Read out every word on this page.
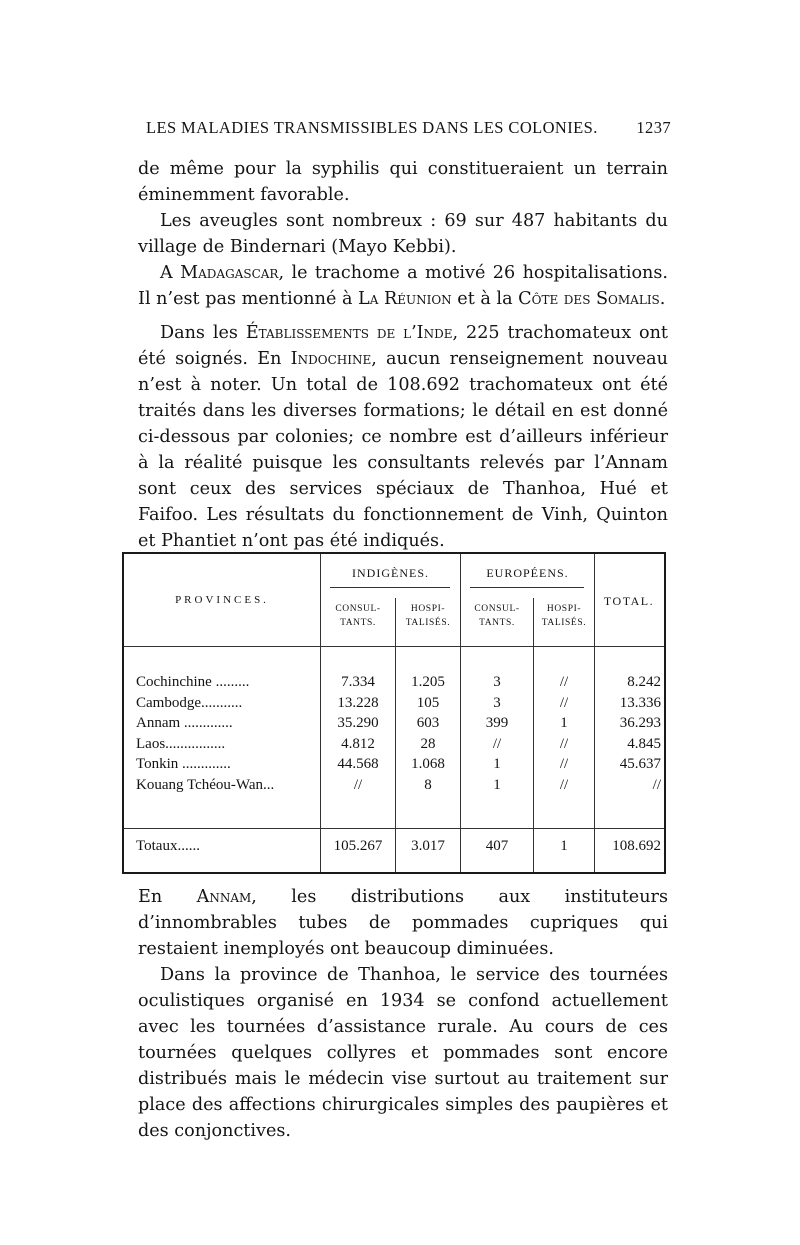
LES MALADIES TRANSMISSIBLES DANS LES COLONIES. 1237

de même pour la syphilis qui constitueraient un terrain éminemment favorable.

Les aveugles sont nombreux : 69 sur 487 habitants du village de Bindernari (Mayo Kebbi).

A Madagascar, le trachome a motivé 26 hospitalisations. Il n’est pas mentionné à La Réunion et à la Côte des Somalis.

Dans les Établissements de l’Inde, 225 trachomateux ont été soignés. En Indochine, aucun renseignement nouveau n’est à noter. Un total de 108.692 trachomateux ont été traités dans les diverses formations; le détail en est donné ci-dessous par colonies; ce nombre est d’ailleurs inférieur à la réalité puisque les consultants relevés par l’Annam sont ceux des services spéciaux de Thanhoa, Hué et Faifoo. Les résultats du fonctionnement de Vinh, Quinton et Phantiet n’ont pas été indiqués.

PROVINCES.
INDIGÈNES.	EUROPÉENS.
TOTAL.
CONSUL-
TANTS.
HOSPI-
TALISÉS.
CONSUL-
TANTS.
HOSPI-
TALISÉS.
Cochinchine .........	7.334	1.205	3	//	8.242
Cambodge...........	13.228	105	3	//	13.336
Annam .............	35.290	603	399	1	36.293
Laos................	4.812	28	//	//	4.845
Tonkin .............	44.568	1.068	1	//	45.637
Kouang Tchéou-Wan...	//	8	1	//	//
Totaux......	105.267	3.017	407	1	108.692

En Annam, les distributions aux instituteurs d’innombrables tubes de pommades cupriques qui restaient inemployés ont beaucoup diminuées.

Dans la province de Thanhoa, le service des tournées oculistiques organisé en 1934 se confond actuellement avec les tournées d’assistance rurale. Au cours de ces tournées quelques collyres et pommades sont encore distribués mais le médecin vise surtout au traitement sur place des affections chirurgicales simples des paupières et des conjonctives.
